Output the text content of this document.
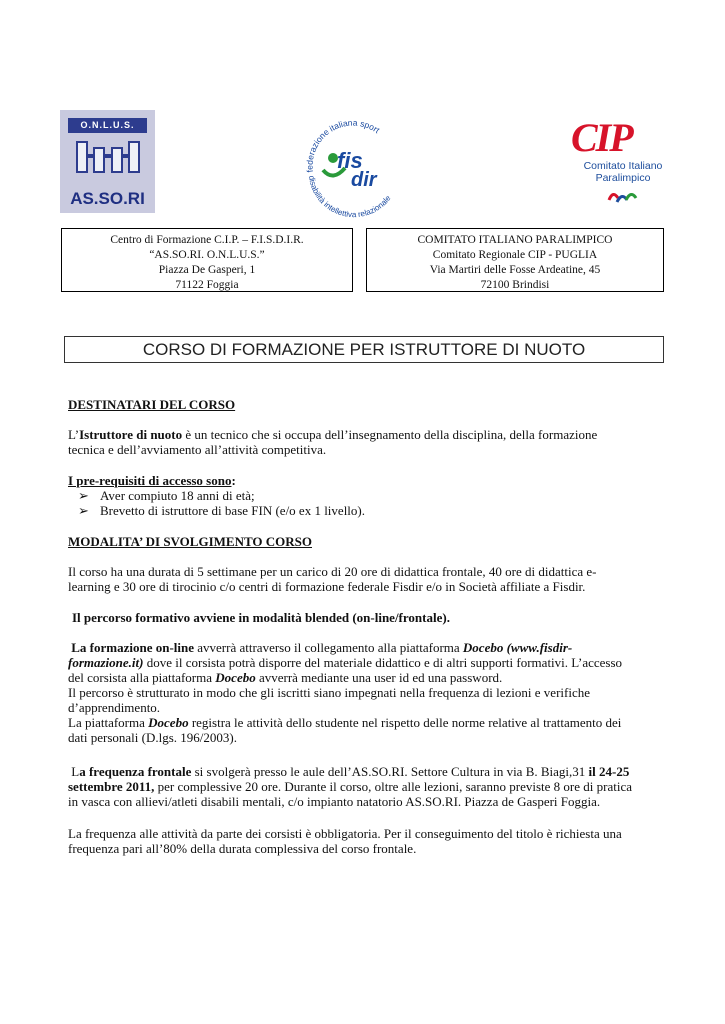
O.N.L.U.S.
AS.SO.RI
federazione italiana sport
disabilità intellettiva relazionale
fis
dir
CIP
Comitato Italiano
Paralimpico
Centro di Formazione C.I.P. – F.I.S.D.I.R.
“AS.SO.RI. O.N.L.U.S.”
Piazza De Gasperi, 1
71122 Foggia
COMITATO ITALIANO PARALIMPICO
Comitato Regionale CIP - PUGLIA
Via Martiri delle Fosse Ardeatine, 45
72100 Brindisi
CORSO DI FORMAZIONE PER ISTRUTTORE DI NUOTO
DESTINATARI DEL CORSO
L’Istruttore di nuoto è un tecnico che si occupa dell’insegnamento della disciplina, della formazione
tecnica e dell’avviamento all’attività competitiva.
I pre-requisiti di accesso sono:
➢ Aver compiuto 18 anni di età;
➢ Brevetto di istruttore di base FIN (e/o ex 1 livello).
MODALITA’ DI SVOLGIMENTO CORSO
Il corso ha una durata di 5 settimane per un carico di 20 ore di didattica frontale, 40 ore di didattica e-
learning e 30 ore di tirocinio c/o centri di formazione federale Fisdir e/o in Società affiliate a Fisdir.
Il percorso formativo avviene in modalità blended (on-line/frontale).
La formazione on-line avverrà attraverso il collegamento alla piattaforma Docebo (www.fisdir-
formazione.it) dove il corsista potrà disporre del materiale didattico e di altri supporti formativi. L’accesso
del corsista alla piattaforma Docebo avverrà mediante una user id ed una password.
Il percorso è strutturato in modo che gli iscritti siano impegnati nella frequenza di lezioni e verifiche
d’apprendimento.
La piattaforma Docebo registra le attività dello studente nel rispetto delle norme relative al trattamento dei
dati personali (D.lgs. 196/2003).
La frequenza frontale si svolgerà presso le aule dell’AS.SO.RI. Settore Cultura in via B. Biagi,31 il 24-25
settembre 2011, per complessive 20 ore. Durante il corso, oltre alle lezioni, saranno previste 8 ore di pratica
in vasca con allievi/atleti disabili mentali, c/o impianto natatorio AS.SO.RI. Piazza de Gasperi Foggia.
La frequenza alle attività da parte dei corsisti è obbligatoria. Per il conseguimento del titolo è richiesta una
frequenza pari all’80% della durata complessiva del corso frontale.
